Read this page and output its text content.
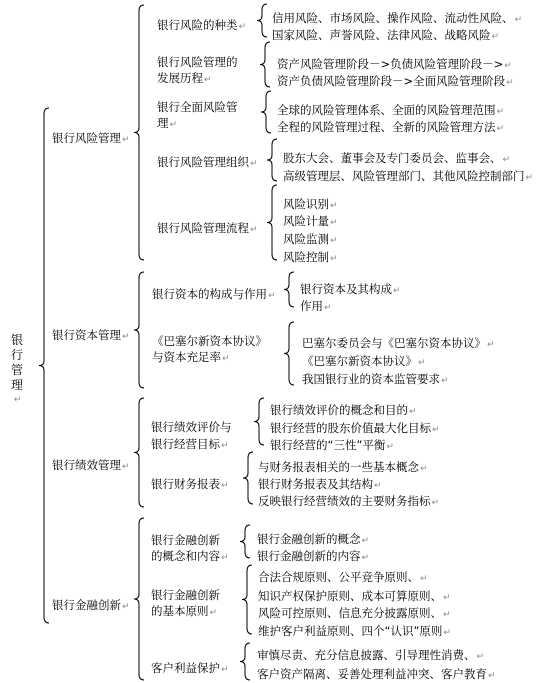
银
行
管
理
↵
银行风险管理↵
银行风险的种类↵
信用风险、市场风险、操作风险、流动性风险、↵
国家风险、声誉风险、法律风险、战略风险↵
银行风险管理的
发展历程↵
资产风险管理阶段－>负债风险管理阶段－>↵
资产负债风险管理阶段－>全面风险管理阶段↵
银行全面风险管
理↵
全球的风险管理体系、全面的风险管理范围↵
全程的风险管理过程、全新的风险管理方法↵
银行风险管理组织↵ 股东大会、董事会及专门委员会、监事会、↵
高级管理层、风险管理部门、其他风险控制部门↵
银行风险管理流程↵
风险识别↵
风险计量↵
风险监测↵
风险控制↵
银行资本管理↵
银行资本的构成与作用↵ 银行资本及其构成↵
作用↵
《巴塞尔新资本协议》
与资本充足率↵
巴塞尔委员会与《巴塞尔资本协议》↵
《巴塞尔新资本协议》↵
我国银行业的资本监管要求↵
银行绩效管理↵
银行绩效评价与
银行经营目标↵
银行绩效评价的概念和目的↵
银行经营的股东价值最大化目标↵
银行经营的“三性”平衡↵
银行财务报表↵
与财务报表相关的一些基本概念↵
银行财务报表及其结构↵
反映银行经营绩效的主要财务指标↵
银行金融创新↵
银行金融创新
的概念和内容↵
银行金融创新的概念↵
银行金融创新的内容↵
银行金融创新
的基本原则↵
合法合规原则、公平竞争原则、↵
知识产权保护原则、成本可算原则、↵
风险可控原则、信息充分披露原则、↵
维护客户利益原则、四个“认识”原则↵
客户利益保护↵
审慎尽责、充分信息披露、引导理性消费、↵
客户资产隔离、妥善处理利益冲突、客户教育↵
